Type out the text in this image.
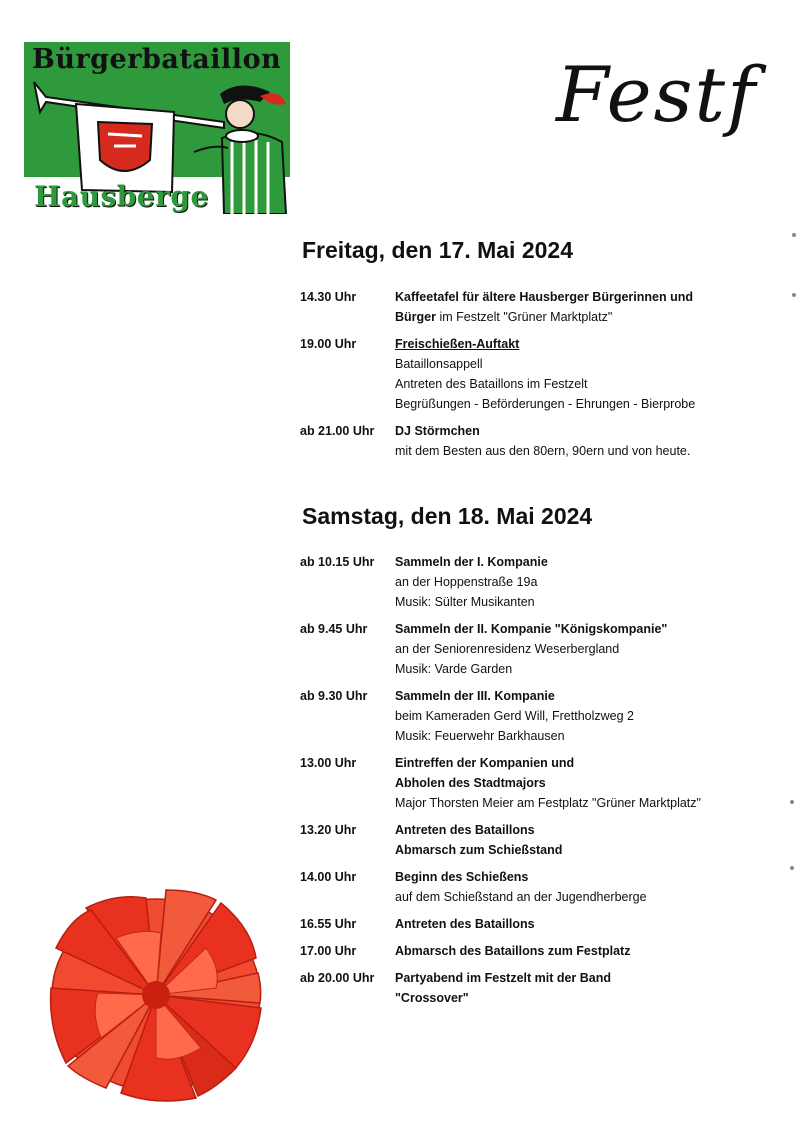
Bürgerbataillon
Hausberge
Festf
Freitag, den 17. Mai 2024
14.30 Uhr	Kaffeetafel für ältere Hausberger Bürgerinnen und
Bürger im Festzelt "Grüner Marktplatz"
19.00 Uhr	Freischießen-Auftakt
Bataillonsappell
Antreten des Bataillons im Festzelt
Begrüßungen - Beförderungen - Ehrungen - Bierprobe
ab 21.00 Uhr	DJ Störmchen
mit dem Besten aus den 80ern, 90ern und von heute.
Samstag, den 18. Mai 2024
ab 10.15 Uhr	Sammeln der I. Kompanie
an der Hoppenstraße 19a
Musik: Sülter Musikanten
ab 9.45 Uhr	Sammeln der II. Kompanie "Königskompanie"
an der Seniorenresidenz Weserbergland
Musik: Varde Garden
ab 9.30 Uhr	Sammeln der III. Kompanie
beim Kameraden Gerd Will, Frettholzweg 2
Musik: Feuerwehr Barkhausen
13.00 Uhr	Eintreffen der Kompanien und
Abholen des Stadtmajors
Major Thorsten Meier am Festplatz "Grüner Marktplatz"
13.20 Uhr	Antreten des Bataillons
Abmarsch zum Schießstand
14.00 Uhr	Beginn des Schießens
auf dem Schießstand an der Jugendherberge
16.55 Uhr	Antreten des Bataillons
17.00 Uhr	Abmarsch des Bataillons zum Festplatz
ab 20.00 Uhr	Partyabend im Festzelt mit der Band
"Crossover"
